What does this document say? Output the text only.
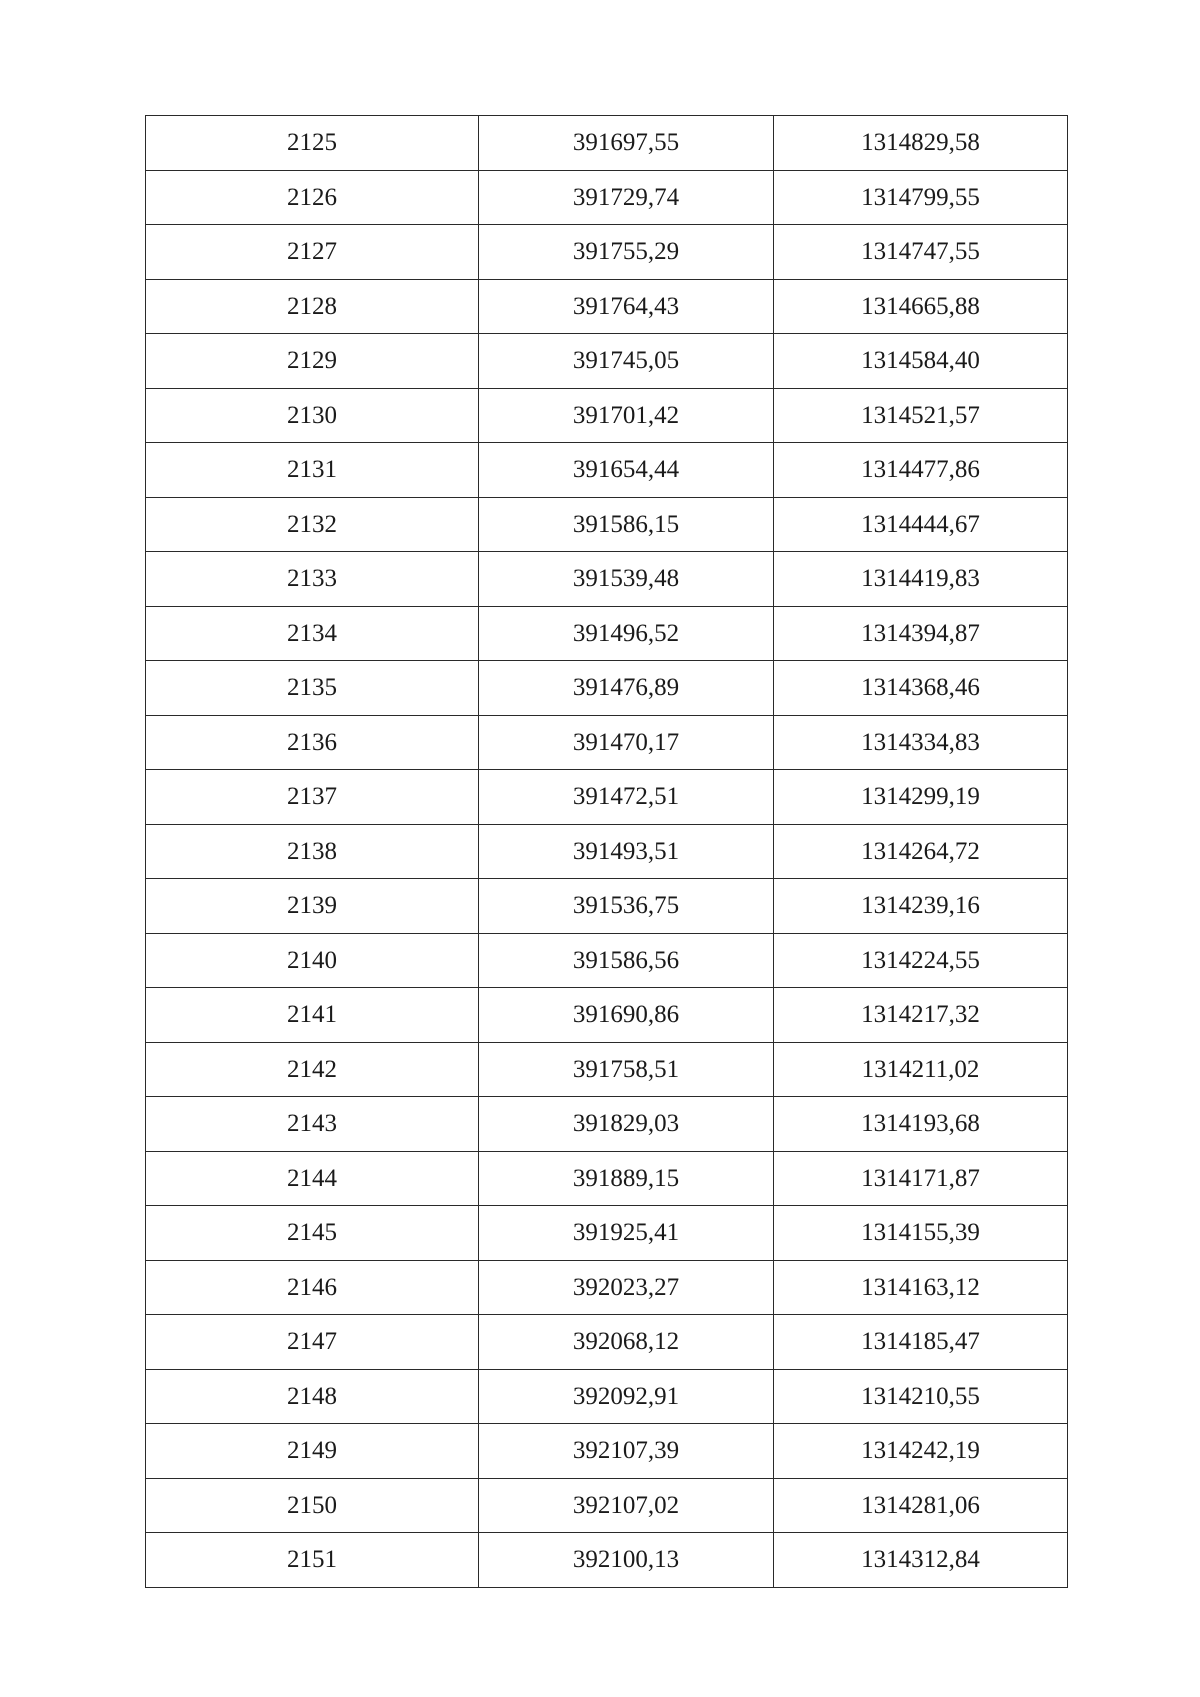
2125	391697,55	1314829,58
2126	391729,74	1314799,55
2127	391755,29	1314747,55
2128	391764,43	1314665,88
2129	391745,05	1314584,40
2130	391701,42	1314521,57
2131	391654,44	1314477,86
2132	391586,15	1314444,67
2133	391539,48	1314419,83
2134	391496,52	1314394,87
2135	391476,89	1314368,46
2136	391470,17	1314334,83
2137	391472,51	1314299,19
2138	391493,51	1314264,72
2139	391536,75	1314239,16
2140	391586,56	1314224,55
2141	391690,86	1314217,32
2142	391758,51	1314211,02
2143	391829,03	1314193,68
2144	391889,15	1314171,87
2145	391925,41	1314155,39
2146	392023,27	1314163,12
2147	392068,12	1314185,47
2148	392092,91	1314210,55
2149	392107,39	1314242,19
2150	392107,02	1314281,06
2151	392100,13	1314312,84
